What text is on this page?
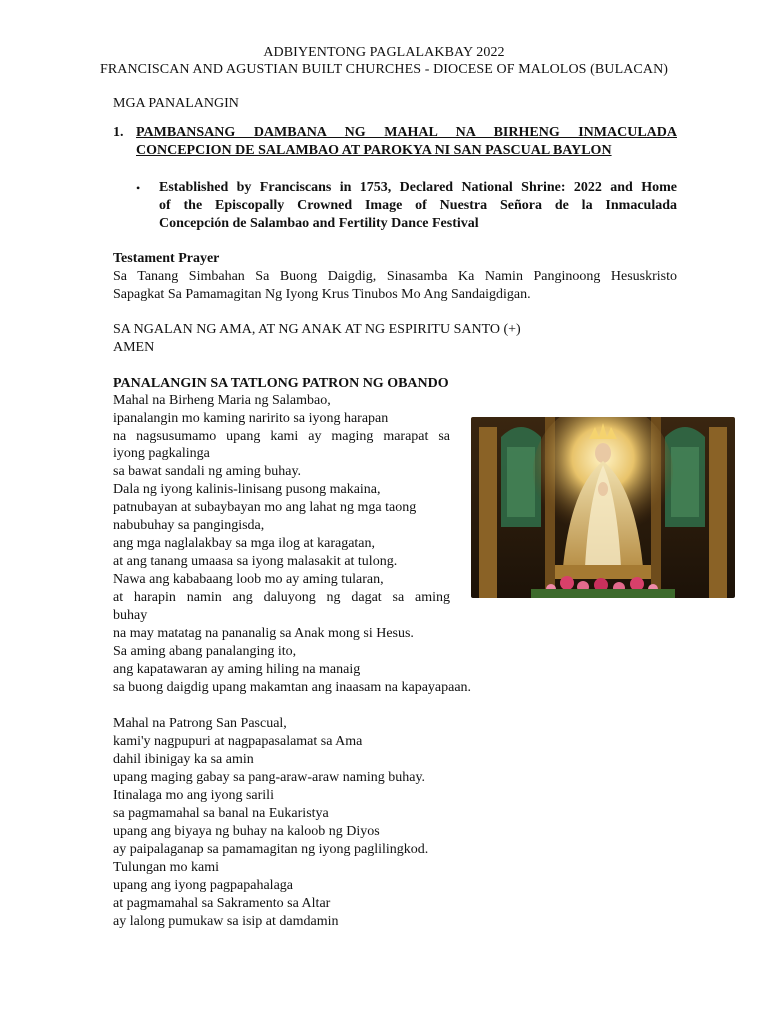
ADBIYENTONG PAGLALAKBAY 2022
FRANCISCAN AND AGUSTIAN BUILT CHURCHES - DIOCESE OF MALOLOS (BULACAN)
MGA PANALANGIN
1. PAMBANSANG DAMBANA NG MAHAL NA BIRHENG INMACULADA
CONCEPCION DE SALAMBAO AT PAROKYA NI SAN PASCUAL BAYLON
• Established by Franciscans in 1753, Declared National Shrine: 2022 and Home
of the Episcopally Crowned Image of Nuestra Señora de la Inmaculada
Concepción de Salambao and Fertility Dance Festival
Testament Prayer
Sa Tanang Simbahan Sa Buong Daigdig, Sinasamba Ka Namin Panginoong Hesuskristo
Sapagkat Sa Pamamagitan Ng Iyong Krus Tinubos Mo Ang Sandaigdigan.
SA NGALAN NG AMA, AT NG ANAK AT NG ESPIRITU SANTO (+)
AMEN
PANALANGIN SA TATLONG PATRON NG OBANDO
Mahal na Birheng Maria ng Salambao,
ipanalangin mo kaming naririto sa iyong harapan
na nagsusumamo upang kami ay maging marapat sa
iyong pagkalinga
sa bawat sandali ng aming buhay.
Dala ng iyong kalinis-linisang pusong makaina,
patnubayan at subaybayan mo ang lahat ng mga taong
nabubuhay sa pangingisda,
ang mga naglalakbay sa mga ilog at karagatan,
at ang tanang umaasa sa iyong malasakit at tulong.
Nawa ang kababaang loob mo ay aming tularan,
at harapin namin ang daluyong ng dagat sa aming
buhay
na may matatag na pananalig sa Anak mong si Hesus.
Sa aming abang panalanging ito,
ang kapatawaran ay aming hiling na manaig
sa buong daigdig upang makamtan ang inaasam na kapayapaan.
Mahal na Patrong San Pascual,
kami'y nagpupuri at nagpapasalamat sa Ama
dahil ibinigay ka sa amin
upang maging gabay sa pang-araw-araw naming buhay.
Itinalaga mo ang iyong sarili
sa pagmamahal sa banal na Eukaristya
upang ang biyaya ng buhay na kaloob ng Diyos
ay paipalaganap sa pamamagitan ng iyong paglilingkod.
Tulungan mo kami
upang ang iyong pagpapahalaga
at pagmamahal sa Sakramento sa Altar
ay lalong pumukaw sa isip at damdamin
